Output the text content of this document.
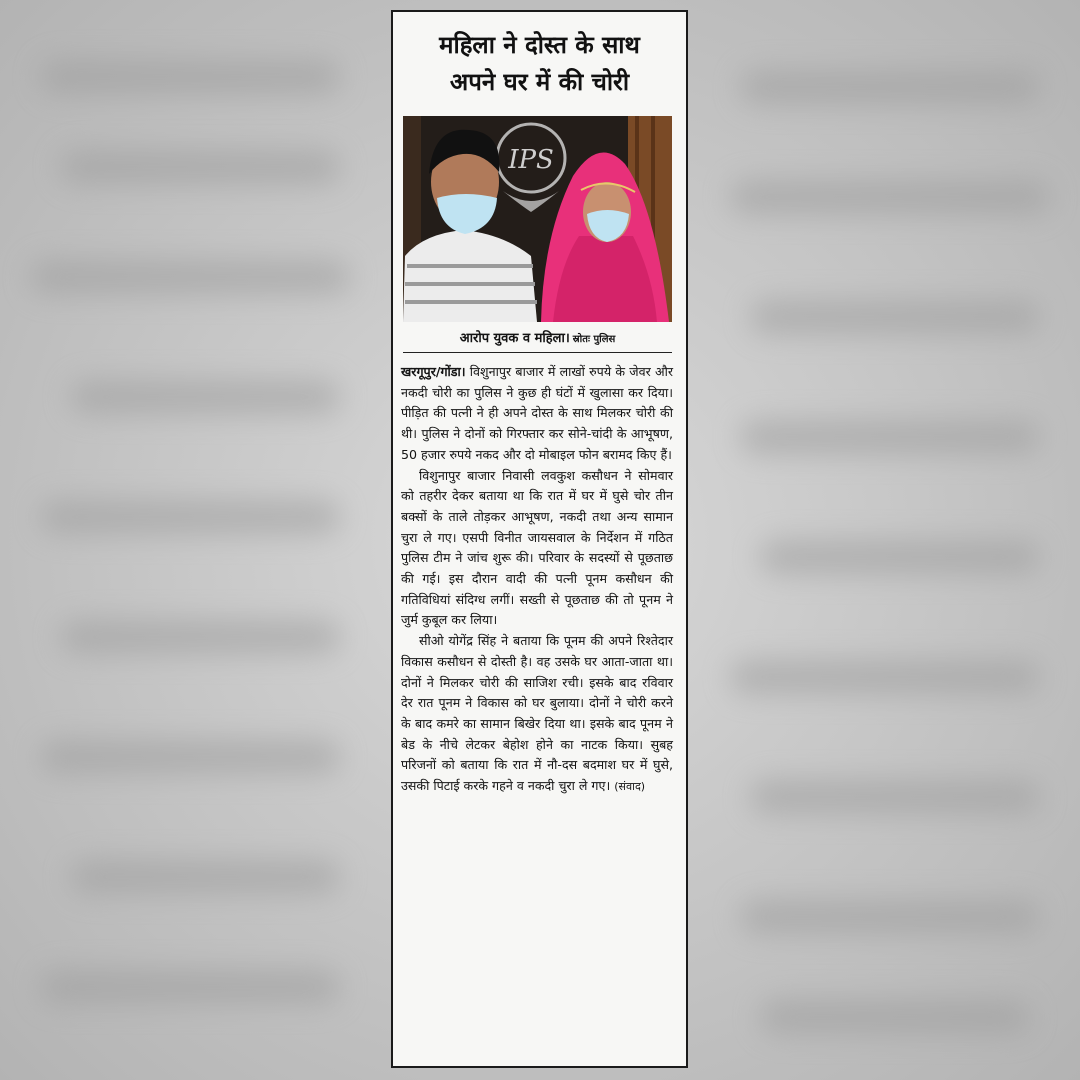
महिला ने दोस्त के साथ
अपने घर में की चोरी
IPS
आरोप युवक व महिला। स्रोतः पुलिस

खरगूपुर/गोंडा। विशुनापुर बाजार में लाखों रुपये के जेवर और नकदी चोरी का पुलिस ने कुछ ही घंटों में खुलासा कर दिया। पीड़ित की पत्नी ने ही अपने दोस्त के साथ मिलकर चोरी की थी। पुलिस ने दोनों को गिरफ्तार कर सोने-चांदी के आभूषण, 50 हजार रुपये नकद और दो मोबाइल फोन बरामद किए हैं।

विशुनापुर बाजार निवासी लवकुश कसौधन ने सोमवार को तहरीर देकर बताया था कि रात में घर में घुसे चोर तीन बक्सों के ताले तोड़कर आभूषण, नकदी तथा अन्य सामान चुरा ले गए। एसपी विनीत जायसवाल के निर्देशन में गठित पुलिस टीम ने जांच शुरू की। परिवार के सदस्यों से पूछताछ की गई। इस दौरान वादी की पत्नी पूनम कसौधन की गतिविधियां संदिग्ध लगीं। सख्ती से पूछताछ की तो पूनम ने जुर्म कुबूल कर लिया।

सीओ योगेंद्र सिंह ने बताया कि पूनम की अपने रिश्तेदार विकास कसौधन से दोस्ती है। वह उसके घर आता-जाता था। दोनों ने मिलकर चोरी की साजिश रची। इसके बाद रविवार देर रात पूनम ने विकास को घर बुलाया। दोनों ने चोरी करने के बाद कमरे का सामान बिखेर दिया था। इसके बाद पूनम ने बेड के नीचे लेटकर बेहोश होने का नाटक किया। सुबह परिजनों को बताया कि रात में नौ-दस बदमाश घर में घुसे, उसकी पिटाई करके गहने व नकदी चुरा ले गए। (संवाद)
